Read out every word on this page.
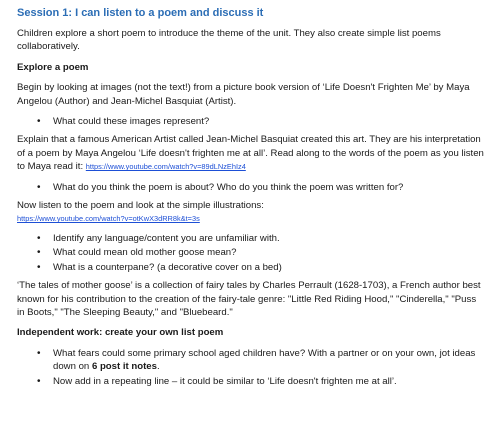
Session 1: I can listen to a poem and discuss it

Children explore a short poem to introduce the theme of the unit. They also create simple list poems collaboratively.

Explore a poem

Begin by looking at images (not the text!) from a picture book version of ‘Life Doesn't Frighten Me’ by Maya Angelou (Author) and Jean-Michel Basquiat (Artist).

• What could these images represent?

Explain that a famous American Artist called Jean-Michel Basquiat created this art. They are his interpretation of a poem by Maya Angelou ‘Life doesn't frighten me at all’. Read along to the words of the poem as you listen to Maya read it: https://www.youtube.com/watch?v=89dLNzEhIz4

• What do you think the poem is about? Who do you think the poem was written for?

Now listen to the poem and look at the simple illustrations:
https://www.youtube.com/watch?v=otKwX3dRR8k&t=3s

• Identify any language/content you are unfamiliar with.
• What could mean old mother goose mean?
• What is a counterpane? (a decorative cover on a bed)

‘The tales of mother goose’ is a collection of fairy tales by Charles Perrault (1628-1703), a French author best known for his contribution to the creation of the fairy-tale genre: "Little Red Riding Hood," "Cinderella," "Puss in Boots," "The Sleeping Beauty," and "Bluebeard."

Independent work: create your own list poem

• What fears could some primary school aged children have? With a partner or on your own, jot ideas down on 6 post it notes.
• Now add in a repeating line – it could be similar to ‘Life doesn't frighten me at all’.
